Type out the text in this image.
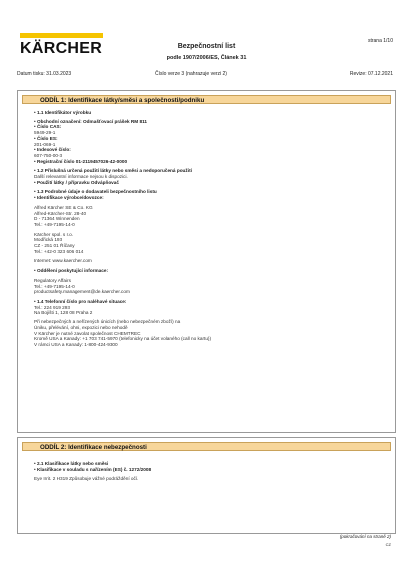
KÄRCHER	strana 1/10
Bezpečnostní list
podle 1907/2006/ES, Článek 31
Datum tisku: 31.03.2023	Číslo verze 3 (nahrazuje verzi 2)	Revize: 07.12.2021
ODDÍL 1: Identifikace látky/směsi a společnosti/podniku
• 1.1 Identifikátor výrobku
• Obchodní označení: Odmašťovací prášek RM 811
• Číslo CAS:
5949-29-1
• Číslo ES:
201-069-1
• Indexové číslo:
607-750-00-3
• Registrační číslo 01-2119457026-42-0000
• 1.2 Příslušná určená použití látky nebo směsi a nedoporučená použití
Další relevantní informace nejsou k dispozici.
• Použití látky / přípravku Odvápňovač
• 1.3 Podrobné údaje o dodavateli bezpečnostního listu
• Identifikace výrobce/dovozce:
Alfred Kärcher SE & Co. KG
Alfred-Kärcher-Str. 28-40
D - 71364 Winnenden
Tel.: +49-7195-14-0
Kärcher spol. s r.o.
Modřická 193
CZ - 251 01 Říčany
Tel.: +42-0 323 606 014
Internet: www.kaercher.com
• Oddělení poskytující informace:
Regulatory Affairs
Tel.: +49-7195-14-0
productsafety.management@de.kaercher.com
• 1.4 Telefonní číslo pro naléhavé situace:
Tel.: 224 919 293
Na Bojišti 1, 128 08 Praha 2
Při nebezpečných a neřízených únicích (nebo nebezpečném zboží) na
Úniku, přelévání, ohni, expozici nebo nehodě
V Kärcher je nutné zavolat společnost CHEMTREC
Kromě USA a Kanady: +1 703 741-5970 (telefonicky na účet volaného (call no kartu))
V rámci USA a Kanady: 1-800-424-9300
ODDÍL 2: Identifikace nebezpečnosti
• 2.1 Klasifikace látky nebo směsi
• Klasifikace v souladu s nařízením (ES) č. 1272/2008
Eye Irrit. 2 H319 Způsobuje vážné podráždění očí.
(pokračování na straně 2)
CZ
